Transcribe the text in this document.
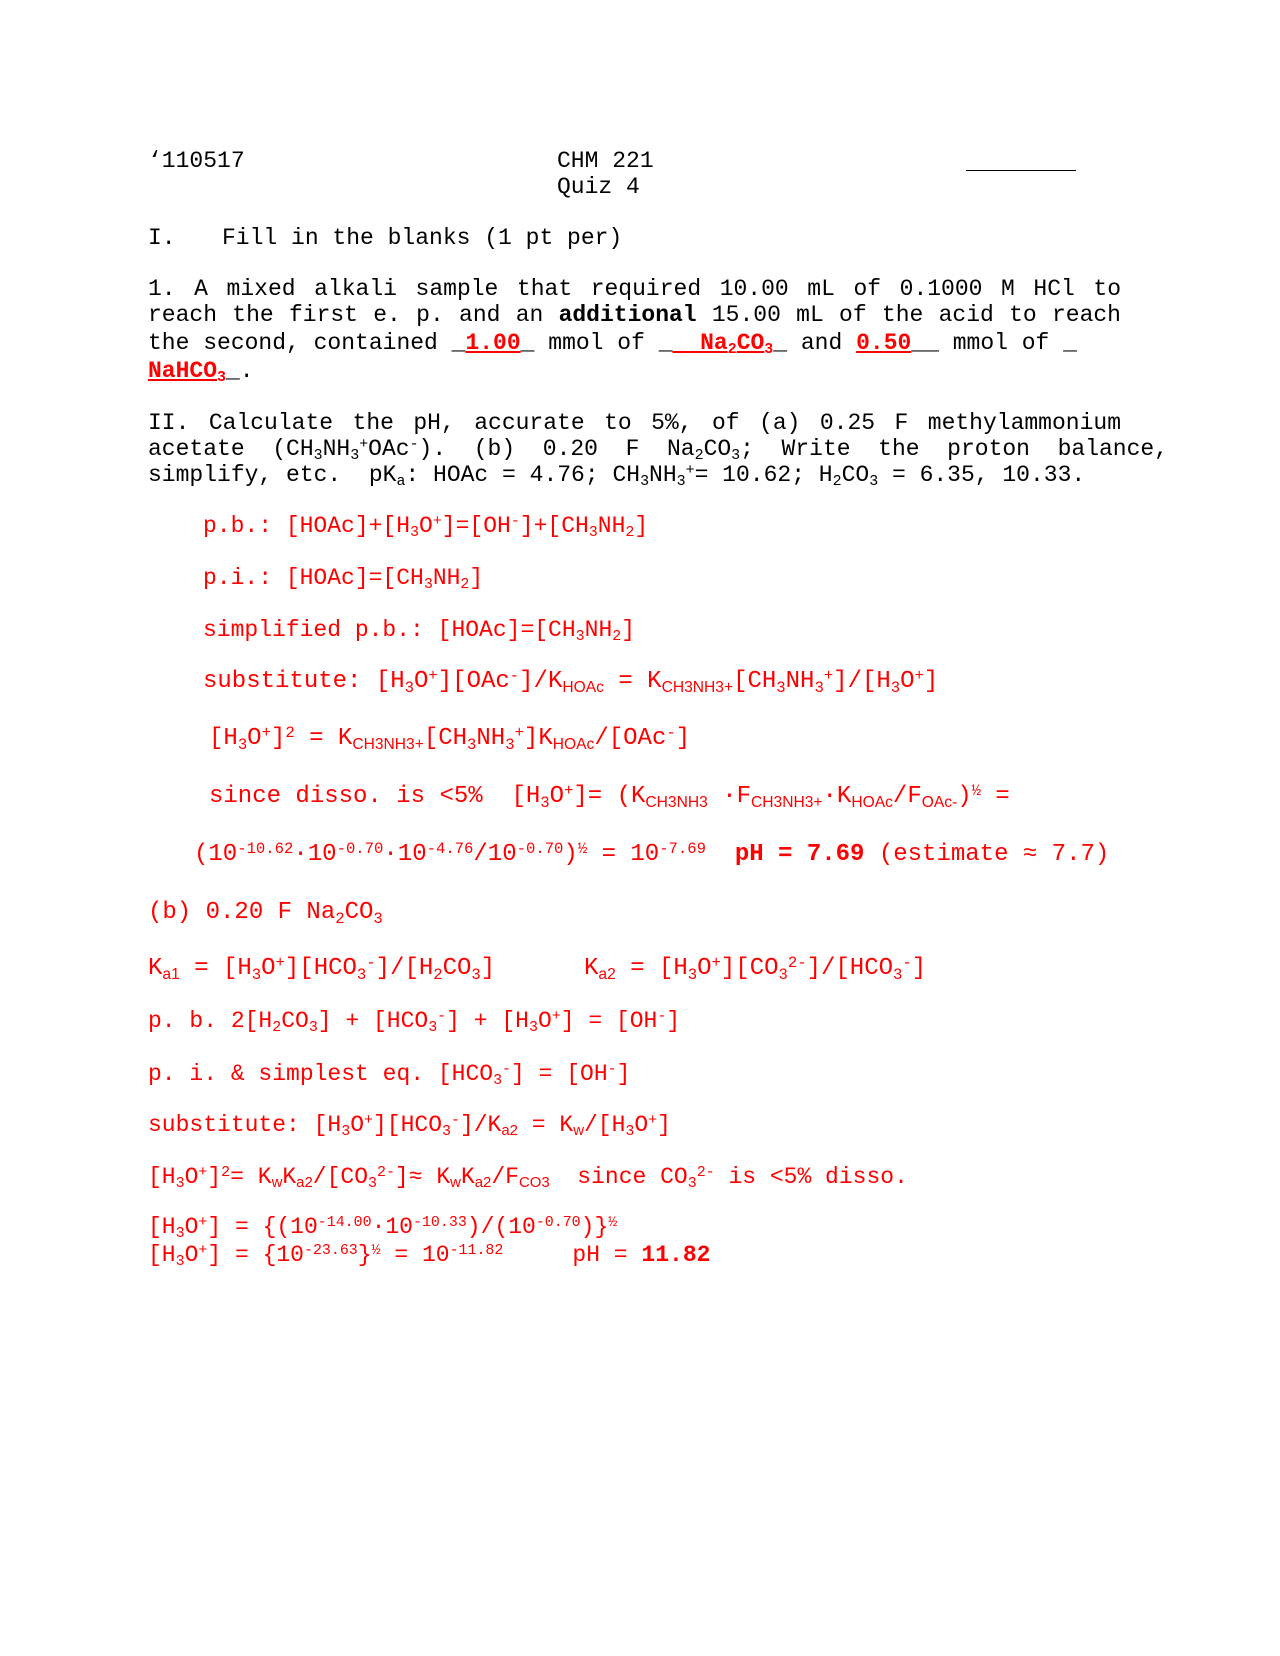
‘110517	CHM 221
Quiz 4
I. Fill in the blanks (1 pt per)
1. A mixed alkali sample that required 10.00 mL of 0.1000 M HCl to
reach the first e. p. and an additional 15.00 mL of the acid to reach
the second, contained _1.00_ mmol of _  $Na_2CO_3\_$ and 0.50__ mmol of _
NaHCO$_3$_.
II. Calculate the pH, accurate to 5%, of (a) 0.25 F methylammonium
acetate  $(CH_3NH_3^+OAc^-)$.  (b)  0.20  F  $Na_2CO_3$;  Write  the  proton  balance,
simplify, etc.  $pK_a$: HOAc = 4.76; $CH_3NH_3^+= 10.62$; $H_2CO_3 = 6.35$, 10.33.
p.b.: $[HOAc]+[H_3O^+]=[OH^-]+[CH_3NH_2]$
p.i.: $[HOAc]=[CH_3NH_2]$
simplified p.b.: $[HOAc]=[CH_3NH_2]$
substitute: $[H_3O^+][OAc^-]/K_{HOAc} = K_{CH3NH3+}[CH_3NH_3^+]/[H_3O^+]$
$[H_3O^+]^2 = K_{CH3NH3+}[CH_3NH_3^+]K_{HOAc}/[OAc^-]$
since disso. is <5%  $[H_3O^+]= (K_{CH3NH3} \cdot F_{CH3NH3+}\cdot K_{HOAc}/F_{OAc-})^{\frac{1}{2}}$ =
$(10^{-10.62}\cdot 10^{-0.70}\cdot 10^{-4.76}/10^{-0.70})^{\frac{1}{2}} = 10^{-7.69}$ pH = 7.69 (estimate ≈ 7.7)
(b) 0.20 F $Na_2CO_3$
$K_{a1} = [H_3O^+][HCO_3^-]/[H_2CO_3]$	$K_{a2} = [H_3O^+][CO_3^{2-}]/[HCO_3^-]$
p. b. $2[H_2CO_3] + [HCO_3^-] + [H_3O^+] = [OH^-]$
p. i. & simplest eq. $[HCO_3^-] = [OH^-]$
substitute: $[H_3O^+][HCO_3^-]/K_{a2} = K_w/[H_3O^+]$
$[H_3O^+]^2= K_wK_{a2}/[CO_3^{2-}]\approx K_wK_{a2}/F_{CO3}$  since $CO_3^{2-}$ is <5% disso.
$[H_3O^+] = \{(10^{-14.00}\cdot 10^{-10.33})/(10^{-0.70})\}^{\frac{1}{2}}$
$[H_3O^+] = \{10^{-23.63}\}^{\frac{1}{2}} = 10^{-11.82}$	pH = 11.82
